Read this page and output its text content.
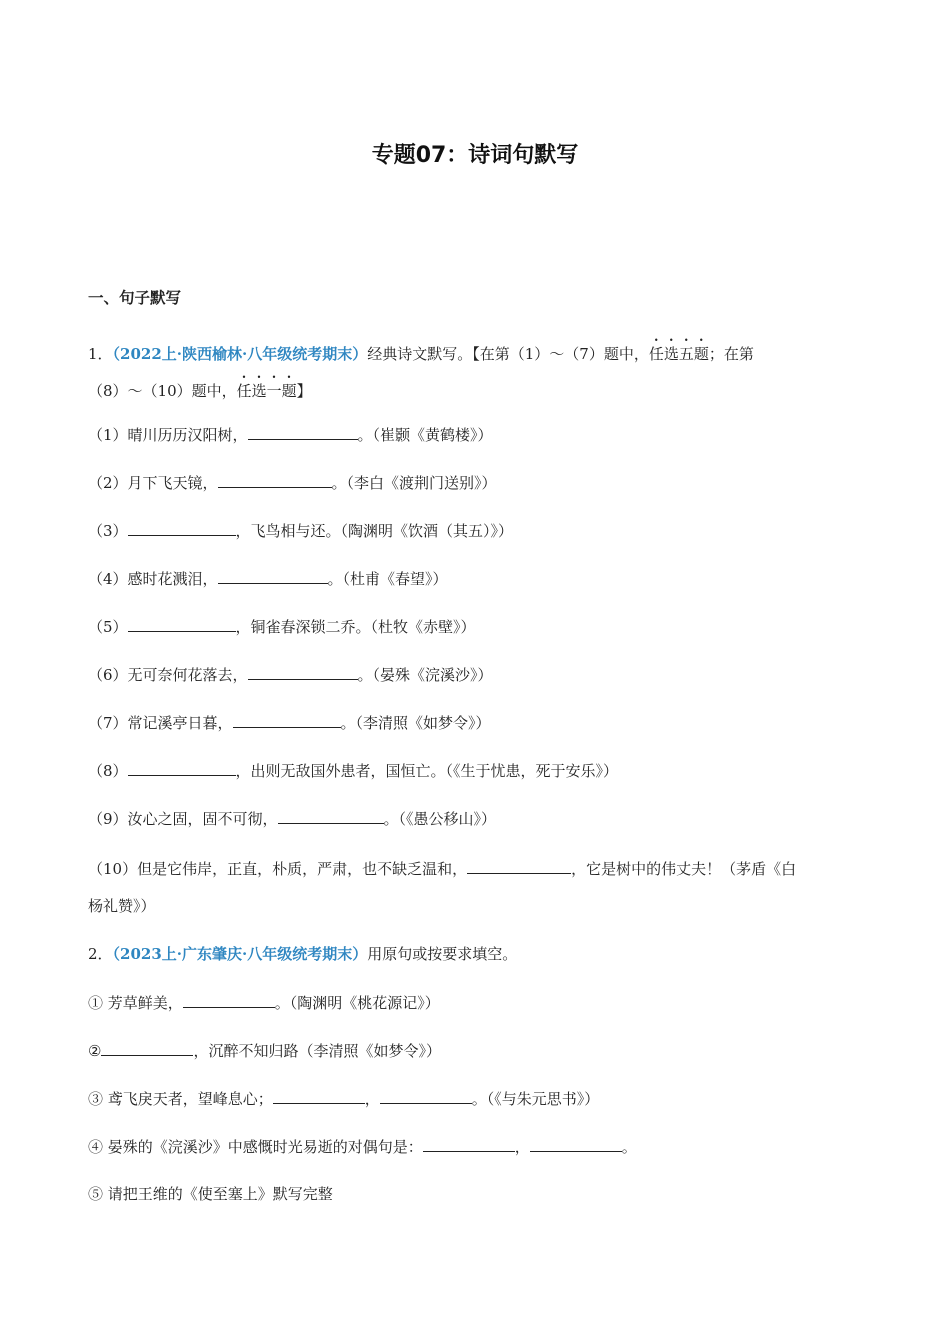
专题07：诗词句默写
一、句子默写
1．（2022上·陕西榆林·八年级统考期末）经典诗文默写。【在第（1）～（7）题中，任选五题；在第
（8）～（10）题中，任选一题】
（1）晴川历历汉阳树，	。（崔颢《黄鹤楼》）
（2）月下飞天镜，	。（李白《渡荆门送别》）
（3）	，飞鸟相与还。（陶渊明《饮酒（其五）》）
（4）感时花溅泪，	。（杜甫《春望》）
（5）	，铜雀春深锁二乔。（杜牧《赤壁》）
（6）无可奈何花落去，	。（晏殊《浣溪沙》）
（7）常记溪亭日暮，	。（李清照《如梦令》）
（8）	，出则无敌国外患者，国恒亡。（《生于忧患，死于安乐》）
（9）汝心之固，固不可彻，	。（《愚公移山》）
（10）但是它伟岸，正直，朴质，严肃，也不缺乏温和，	，它是树中的伟丈夫！（茅盾《白
杨礼赞》）
2．（2023上·广东肇庆·八年级统考期末）用原句或按要求填空。
① 芳草鲜美，	。（陶渊明《桃花源记》）
②	，沉醉不知归路（李清照《如梦令》）
③ 鸢飞戾天者，望峰息心；	，	。（《与朱元思书》）
④ 晏殊的《浣溪沙》中感慨时光易逝的对偶句是：	，	。
⑤ 请把王维的《使至塞上》默写完整
